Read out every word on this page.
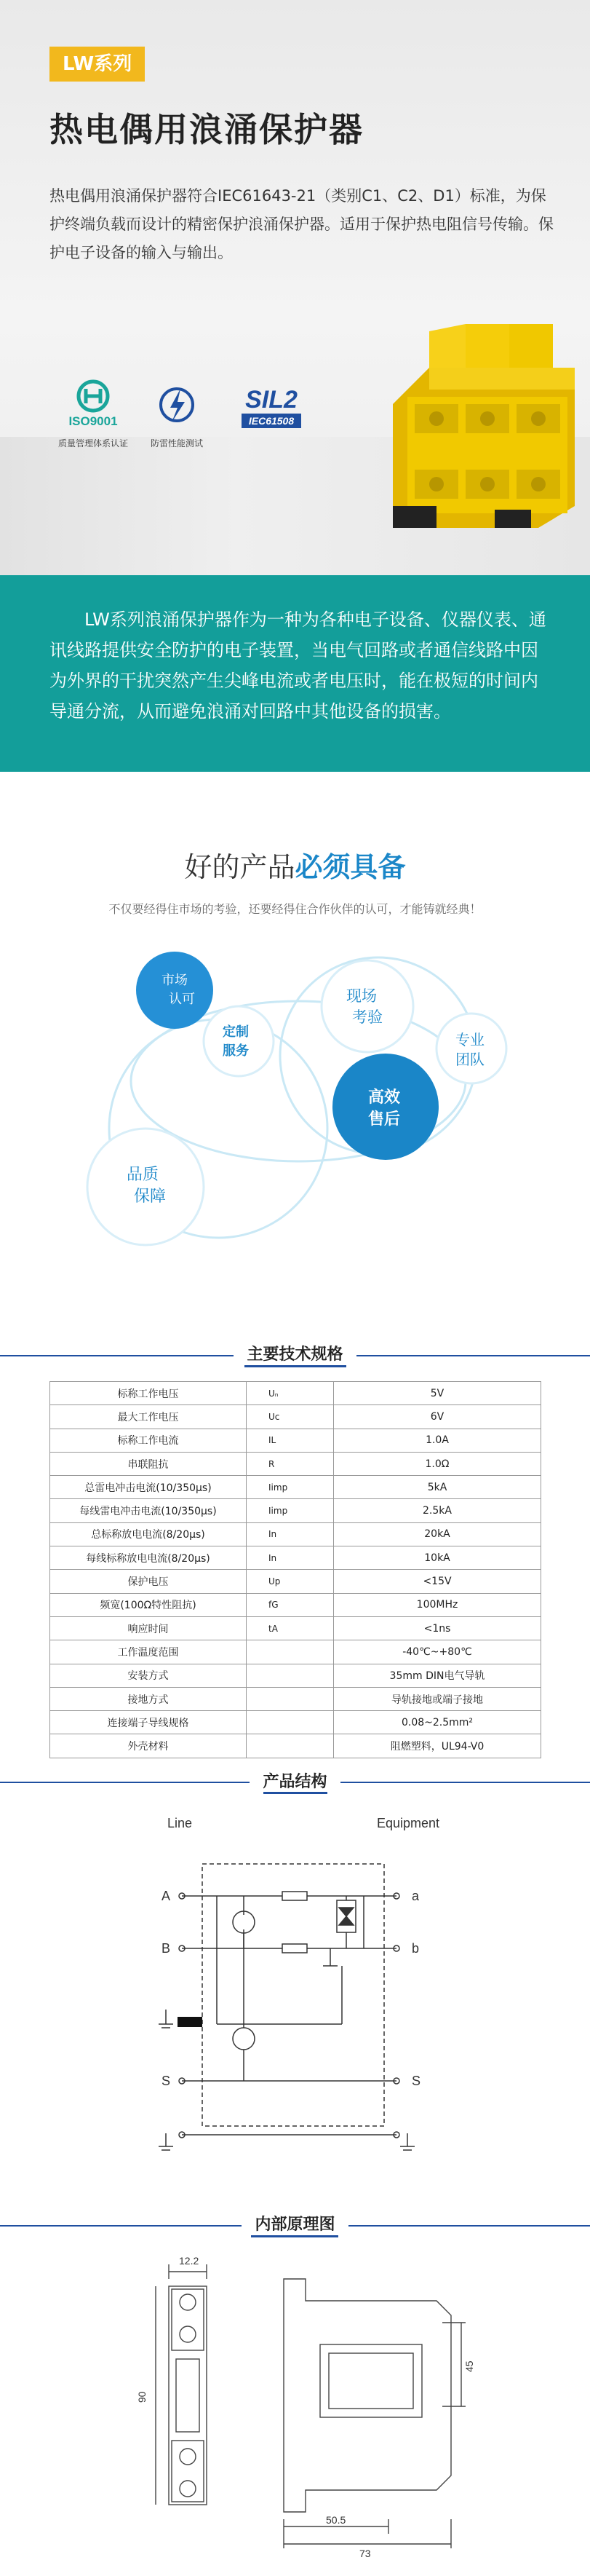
LW系列
热电偶用浪涌保护器
热电偶用浪涌保护器符合IEC61643-21（类别C1、C2、D1）标准，为保护终端负载而设计的精密保护浪涌保护器。适用于保护热电阻信号传输。保护电子设备的输入与输出。
ISO9001
质量管理体系认证	防雷性能测试
SIL2
IEC61508
LW系列浪涌保护器作为一种为各种电子设备、仪器仪表、通讯线路提供安全防护的电子装置，当电气回路或者通信线路中因为外界的干扰突然产生尖峰电流或者电压时，能在极短的时间内导通分流，从而避免浪涌对回路中其他设备的损害。
好的产品必须具备
不仅要经得住市场的考验，还要经得住合作伙伴的认可，才能铸就经典！
市场
认可	现场
考验
专业
团队
定制
服务
高效
售后
品质
保障
主要技术规格
标称工作电压	Uₙ	5V
最大工作电压	Uc	6V
标称工作电流	IL	1.0A
串联阻抗	R	1.0Ω
总雷电冲击电流(10/350μs)	Iimp	5kA
每线雷电冲击电流(10/350μs)	Iimp	2.5kA
总标称放电电流(8/20μs)	In	20kA
每线标称放电电流(8/20μs)	In	10kA
保护电压	Up	<15V
频宽(100Ω特性阻抗)	fG	100MHz
响应时间	tA	<1ns
工作温度范围		-40℃~+80℃
安装方式		35mm DIN电气导轨
接地方式		导轨接地或端子接地
连接端子导线规格		0.08~2.5mm²
外壳材料		阻燃塑料，UL94-V0
产品结构
Line	Equipment
A
B
S
a
b
S
内部原理图
12.2
90
45
50.5
73
